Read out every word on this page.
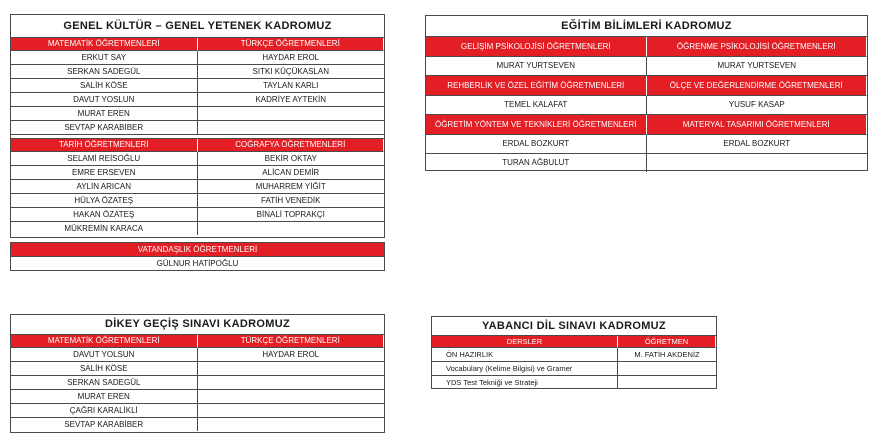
GENEL KÜLTÜR – GENEL YETENEK KADROMUZ
MATEMATİK ÖĞRETMENLERİ	TÜRKÇE ÖĞRETMENLERİ
ERKUT SAY	HAYDAR EROL
SERKAN SADEGÜL	SITKI KÜÇÜKASLAN
SALİH KÖSE	TAYLAN KARLI
DAVUT YOSLUN	KADRİYE AYTEKİN
MURAT EREN
SEVTAP KARABİBER
TARİH ÖĞRETMENLERİ	COĞRAFYA ÖĞRETMENLERİ
SELAMİ REİSOĞLU	BEKİR OKTAY
EMRE ERSEVEN	ALİCAN DEMİR
AYLİN ARICAN	MUHARREM YİĞİT
HÜLYA ÖZATEŞ	FATİH VENEDİK
HAKAN ÖZATEŞ	BİNALİ TOPRAKÇI
MÜKREMİN KARACA
VATANDAŞLIK ÖĞRETMENLERİ
GÜLNUR HATİPOĞLU
EĞİTİM BİLİMLERİ KADROMUZ
GELİŞİM PSİKOLOJİSİ ÖĞRETMENLERİ	ÖĞRENME PSİKOLOJİSİ ÖĞRETMENLERİ
MURAT YURTSEVEN	MURAT YURTSEVEN
REHBERLİK VE ÖZEL EĞİTİM ÖĞRETMENLERİ	ÖLÇE VE DEĞERLENDİRME ÖĞRETMENLERİ
TEMEL KALAFAT	YUSUF KASAP
ÖĞRETİM YÖNTEM VE TEKNİKLERİ ÖĞRETMENLERİ	MATERYAL TASARIMI ÖĞRETMENLERİ
ERDAL BOZKURT	ERDAL BOZKURT
TURAN AĞBULUT
DİKEY GEÇİŞ SINAVI KADROMUZ
MATEMATİK ÖĞRETMENLERİ	TÜRKÇE ÖĞRETMENLERİ
DAVUT YOLSUN	HAYDAR EROL
SALİH KÖSE
SERKAN SADEGÜL
MURAT EREN
ÇAĞRI KARALİKLİ
SEVTAP KARABİBER
YABANCI DİL SINAVI KADROMUZ
DERSLER	ÖĞRETMEN
ÖN HAZIRLIK	M. FATİH AKDENİZ
Vocabulary (Kelime Bilgisi) ve Gramer
YDS Test Tekniği ve Strateji
